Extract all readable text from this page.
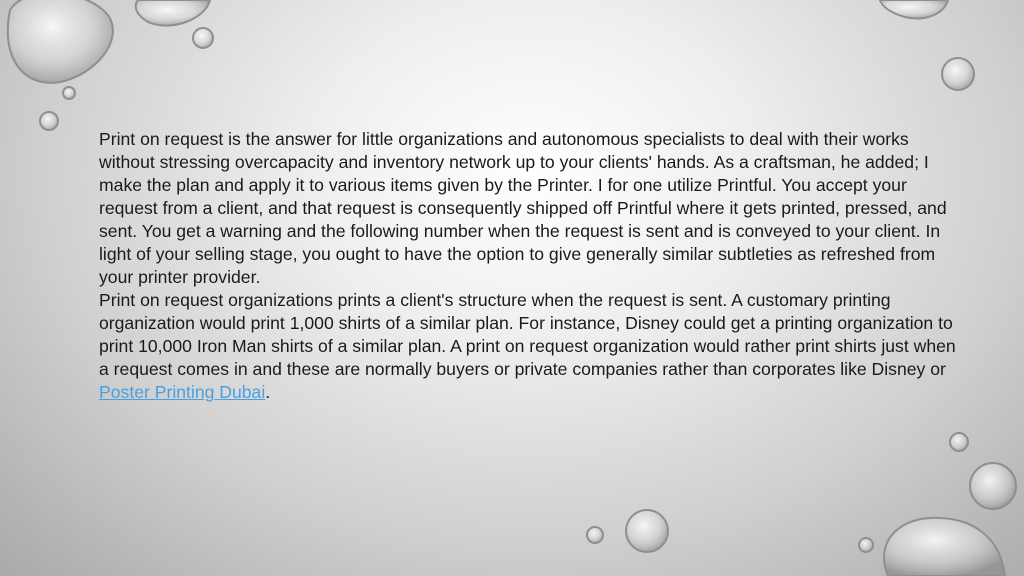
Print on request is the answer for little organizations and autonomous specialists to deal with their works without stressing overcapacity and inventory network up to your clients' hands. As a craftsman, he added; I make the plan and apply it to various items given by the Printer. I for one utilize Printful. You accept your request from a client, and that request is consequently shipped off Printful where it gets printed, pressed, and sent. You get a warning and the following number when the request is sent and is conveyed to your client. In light of your selling stage, you ought to have the option to give generally similar subtleties as refreshed from your printer provider.

Print on request organizations prints a client's structure when the request is sent. A customary printing organization would print 1,000 shirts of a similar plan. For instance, Disney could get a printing organization to print 10,000 Iron Man shirts of a similar plan. A print on request organization would rather print shirts just when a request comes in and these are normally buyers or private companies rather than corporates like Disney or Poster Printing Dubai.
